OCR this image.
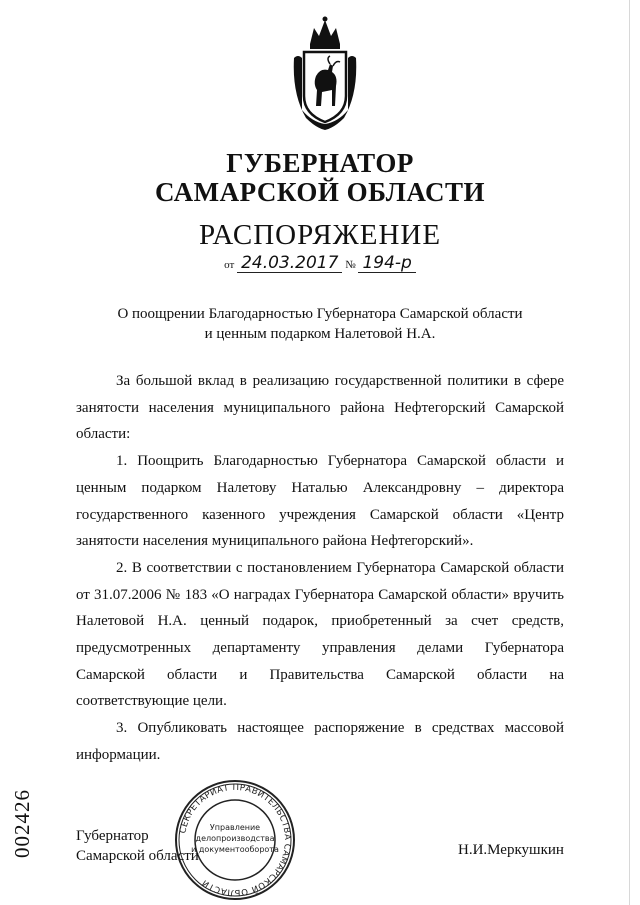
ГУБЕРНАТОР
САМАРСКОЙ ОБЛАСТИ
РАСПОРЯЖЕНИЕ
от 24.03.2017 № 194-р
О поощрении Благодарностью Губернатора Самарской области
и ценным подарком Налетовой Н.А.

За большой вклад в реализацию государственной политики в сфере занятости населения муниципального района Нефтегорский Самарской области:

1. Поощрить Благодарностью Губернатора Самарской области и ценным подарком Налетову Наталью Александровну – директора государственного казенного учреждения Самарской области «Центр занятости населения муниципального района Нефтегорский».

2. В соответствии с постановлением Губернатора Самарской области от 31.07.2006 № 183 «О наградах Губернатора Самарской области» вручить Налетовой Н.А. ценный подарок, приобретенный за счет средств, предусмотренных департаменту управления делами Губернатора Самарской области и Правительства Самарской области на соответствующие цели.

3. Опубликовать настоящее распоряжение в средствах массовой информации.

СЕКРЕТАРИАТ ПРАВИТЕЛЬСТВА САМАРСКОЙ ОБЛАСТИ
Управление
делопроизводства
и документооборота
Губернатор
Самарской области	Н.И.Меркушкин
002426
